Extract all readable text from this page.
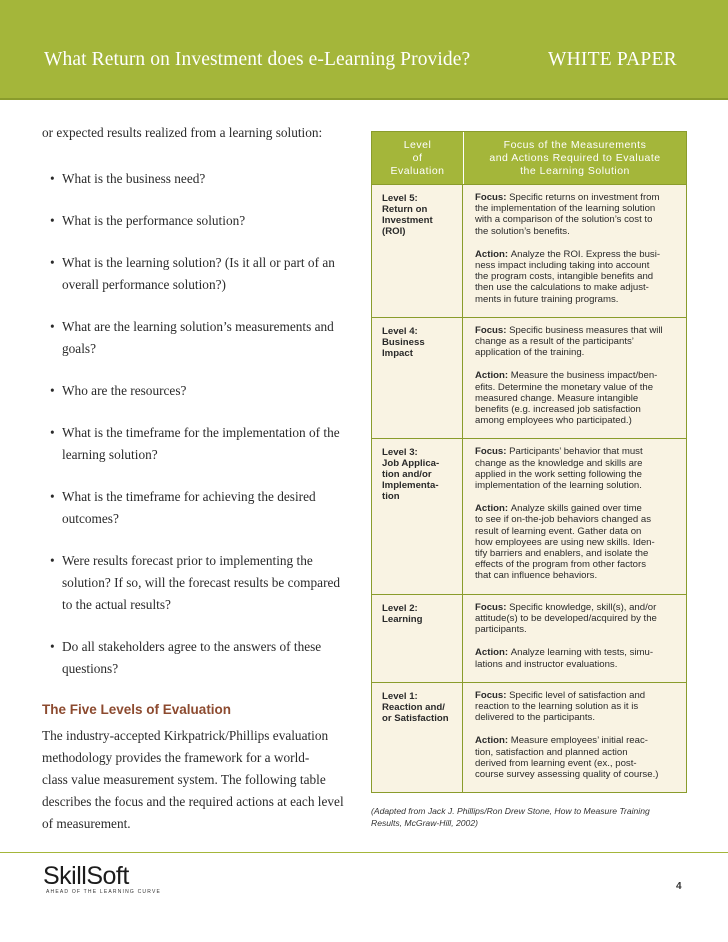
What Return on Investment does e-Learning Provide?	WHITE PAPER
or expected results realized from a learning solution:
• What is the business need?
• What is the performance solution?
• What is the learning solution? (Is it all or part of an
overall performance solution?)
• What are the learning solution’s measurements and
goals?
• Who are the resources?
• What is the timeframe for the implementation of the
learning solution?
• What is the timeframe for achieving the desired
outcomes?
• Were results forecast prior to implementing the
solution? If so, will the forecast results be compared
to the actual results?
• Do all stakeholders agree to the answers of these
questions?
The Five Levels of Evaluation
The industry-accepted Kirkpatrick/Phillips evaluation
methodology provides the framework for a world-
class value measurement system. The following table
describes the focus and the required actions at each level
of measurement.
Level
of
Evaluation
Focus of the Measurements
and Actions Required to Evaluate
the Learning Solution
Level 5:
Return on
Investment
(ROI)

Focus: Specific returns on investment from
the implementation of the learning solution
with a comparison of the solution’s cost to
the solution’s benefits.

Action: Analyze the ROI. Express the busi-
ness impact including taking into account
the program costs, intangible benefits and
then use the calculations to make adjust-
ments in future training programs.

Level 4:
Business
Impact

Focus: Specific business measures that will
change as a result of the participants’
application of the training.

Action: Measure the business impact/ben-
efits. Determine the monetary value of the
measured change. Measure intangible
benefits (e.g. increased job satisfaction
among employees who participated.)

Level 3:
Job Applica-
tion and/or
Implementa-
tion

Focus: Participants’ behavior that must
change as the knowledge and skills are
applied in the work setting following the
implementation of the learning solution.

Action: Analyze skills gained over time
to see if on-the-job behaviors changed as
result of learning event. Gather data on
how employees are using new skills. Iden-
tify barriers and enablers, and isolate the
effects of the program from other factors
that can influence behaviors.

Level 2:
Learning

Focus: Specific knowledge, skill(s), and/or
attitude(s) to be developed/acquired by the
participants.

Action: Analyze learning with tests, simu-
lations and instructor evaluations.

Level 1:
Reaction and/
or Satisfaction

Focus: Specific level of satisfaction and
reaction to the learning solution as it is
delivered to the participants.

Action: Measure employees’ initial reac-
tion, satisfaction and planned action
derived from learning event (ex., post-
course survey assessing quality of course.)

(Adapted from Jack J. Phillips/Ron Drew Stone, How to Measure Training
Results, McGraw-Hill, 2002)
SkillSoft
AHEAD OF THE LEARNING CURVE	4
